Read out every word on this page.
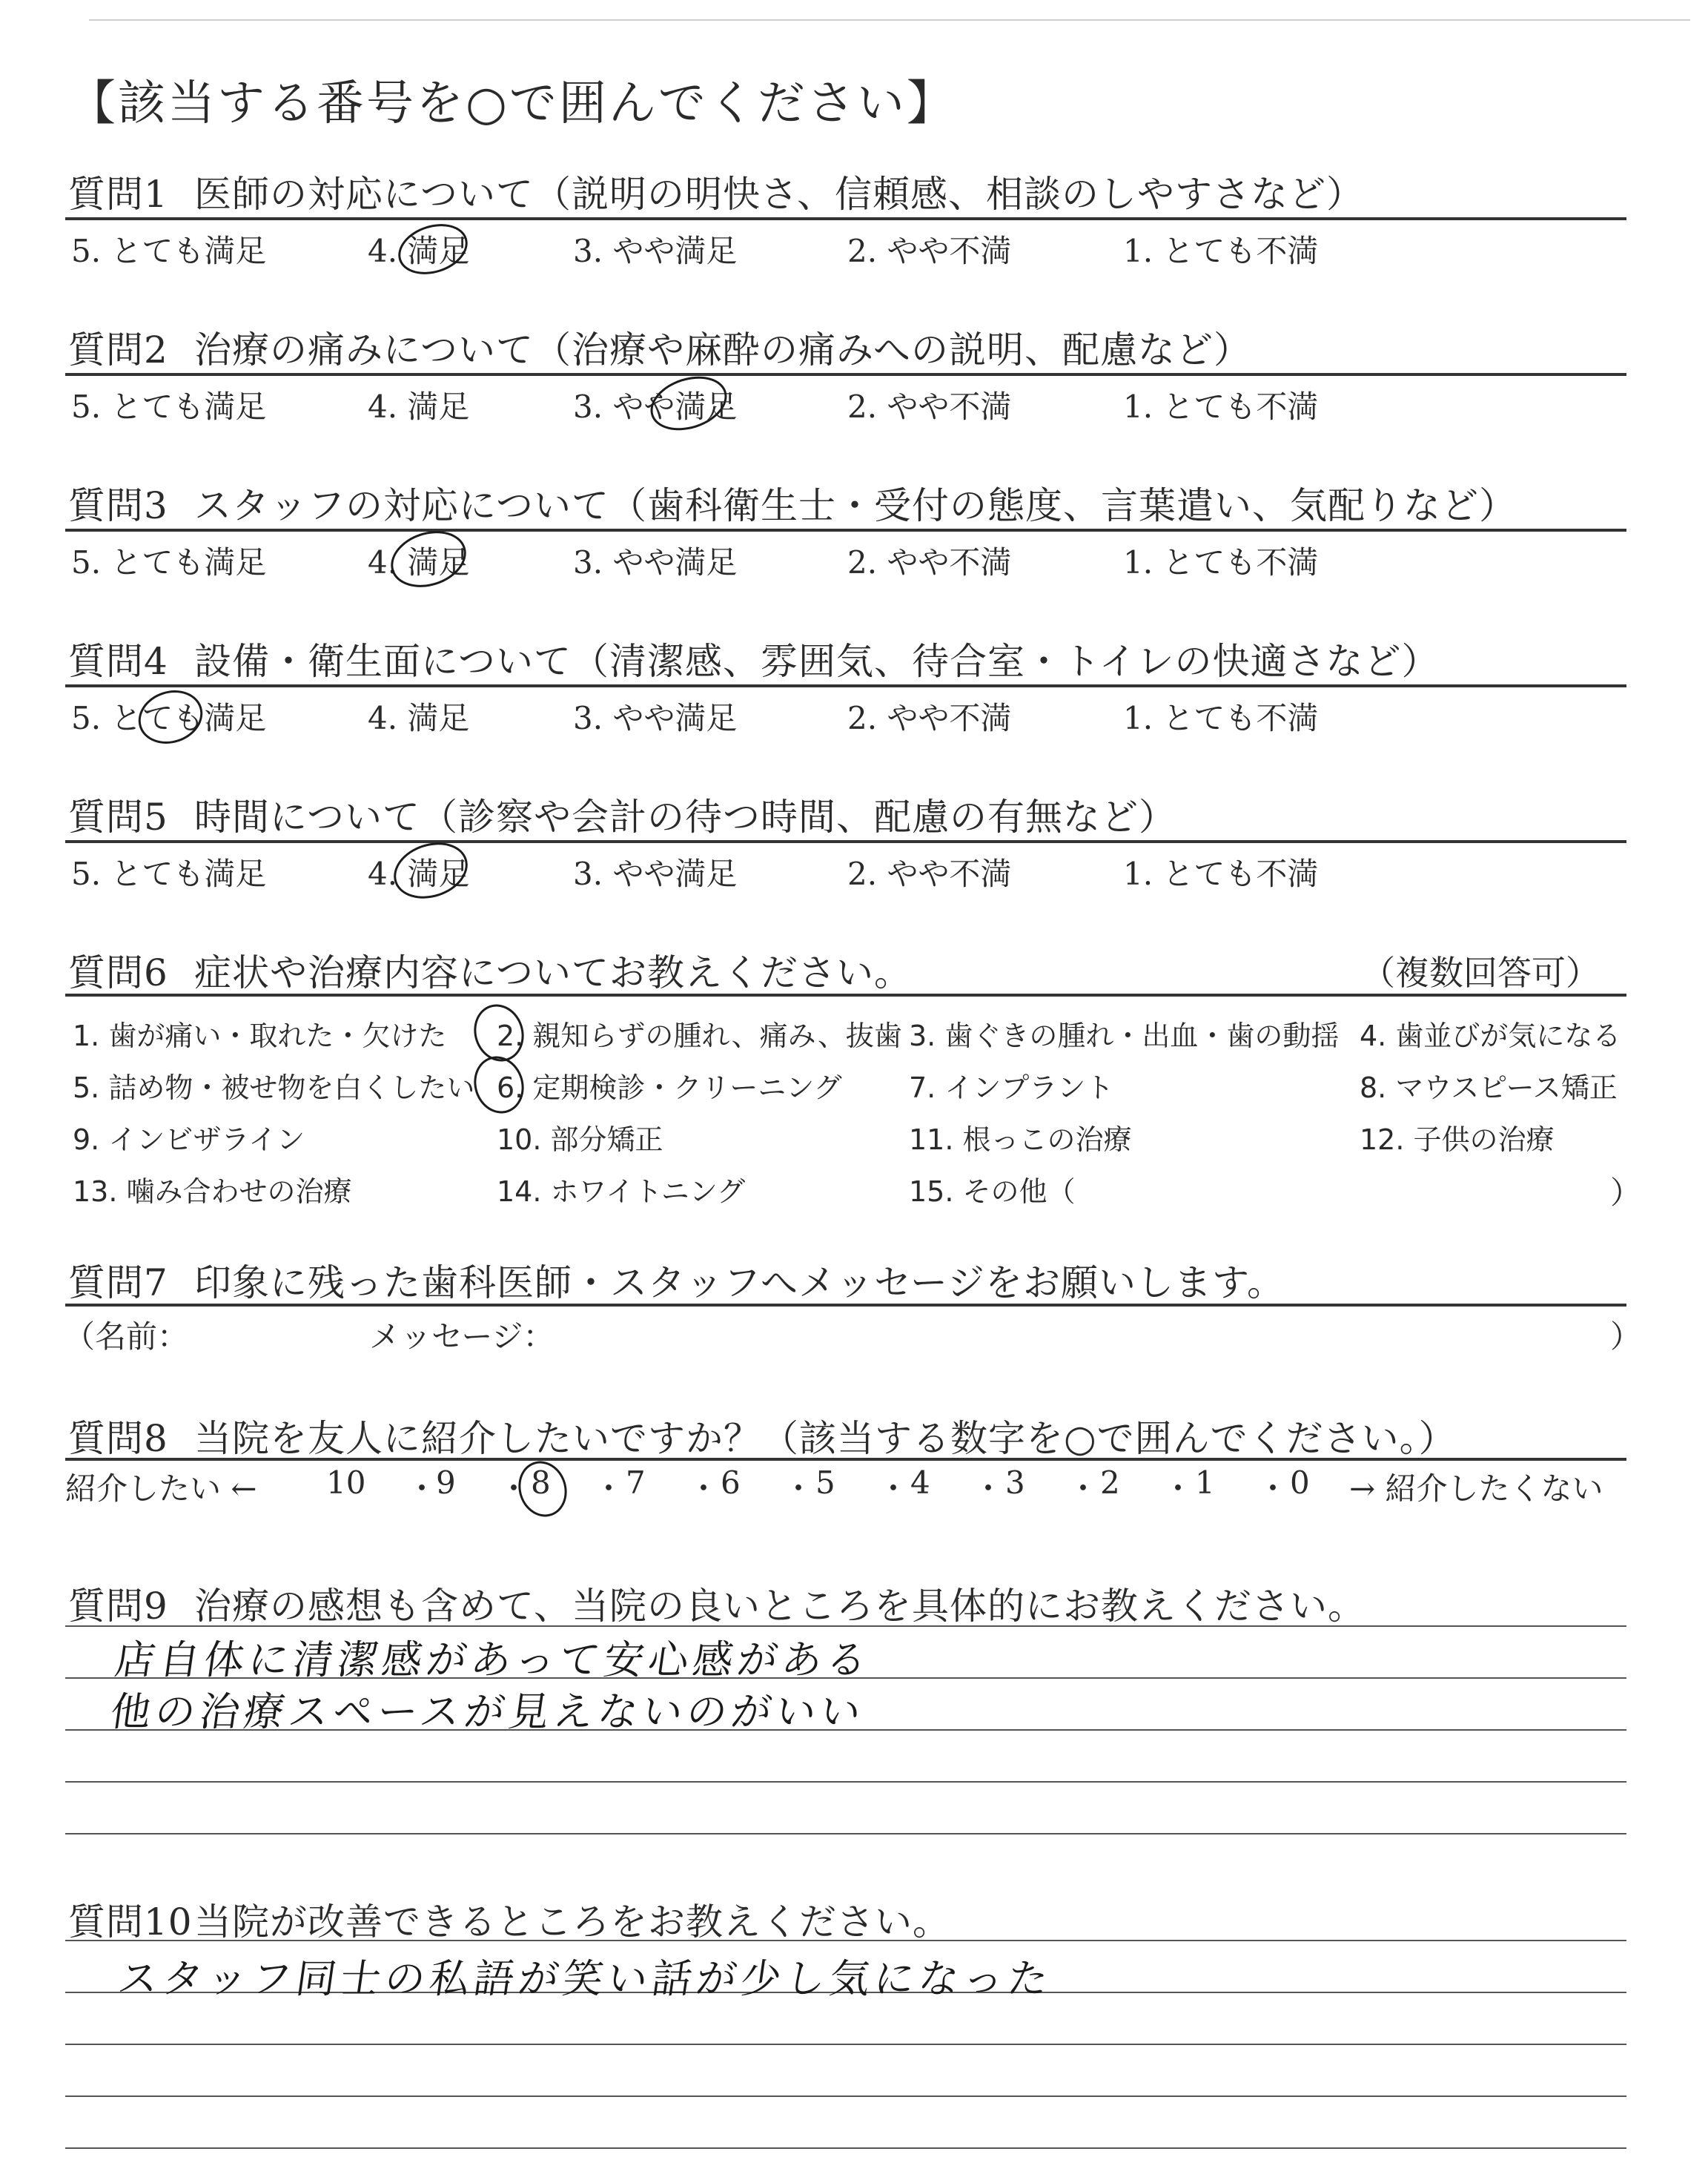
【該当する番号を○で囲んでください】
質問1 医師の対応について（説明の明快さ、信頼感、相談のしやすさなど）
5. とても満足	4. 満足	3. やや満足	2. やや不満	1. とても不満
質問2 治療の痛みについて（治療や麻酔の痛みへの説明、配慮など）
5. とても満足	4. 満足	3. やや満足	2. やや不満	1. とても不満
質問3 スタッフの対応について（歯科衛生士・受付の態度、言葉遣い、気配りなど）
5. とても満足	4. 満足	3. やや満足	2. やや不満	1. とても不満
質問4 設備・衛生面について（清潔感、雰囲気、待合室・トイレの快適さなど）
5. とても満足	4. 満足	3. やや満足	2. やや不満	1. とても不満
質問5 時間について（診察や会計の待つ時間、配慮の有無など）
5. とても満足	4. 満足	3. やや満足	2. やや不満	1. とても不満
質問6 症状や治療内容についてお教えください。	（複数回答可）
1. 歯が痛い・取れた・欠けた 2. 親知らずの腫れ、痛み、抜歯 3. 歯ぐきの腫れ・出血・歯の動揺 4. 歯並びが気になる
5. 詰め物・被せ物を白くしたい 6. 定期検診・クリーニング 7. インプラント	8. マウスピース矯正
9. インビザライン	10. 部分矯正	11. 根っこの治療	12. 子供の治療
13. 噛み合わせの治療	14. ホワイトニング	15. その他（	）
質問7 印象に残った歯科医師・スタッフへメッセージをお願いします。
（名前：	メッセージ：	）
質問8 当院を友人に紹介したいですか？（該当する数字を○で囲んでください。）
紹介したい ← 10 ・
9 ・ 8 ・ 7 ・ 6 ・ 5 ・ 4 ・ 3 ・ 2 ・ 1 ・ 0 → 紹介したくない
質問9 治療の感想も含めて、当院の良いところを具体的にお教えください。
店自体に清潔感があって安心感がある
他の治療スペースが見えないのがいい
質問10当院が改善できるところをお教えください。
スタッフ同士の私語が笑い話が少し気になった
